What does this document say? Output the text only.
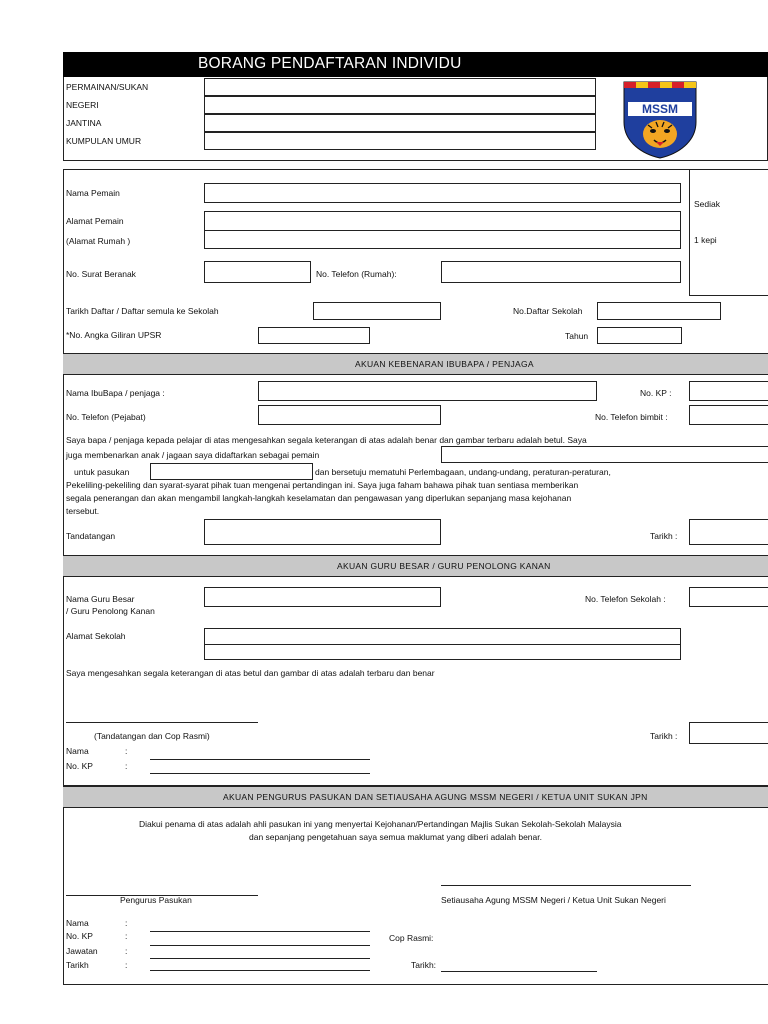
BORANG PENDAFTARAN INDIVIDU
PERMAINAN/SUKAN
NEGERI
JANTINA
KUMPULAN UMUR
MSSM
Nama Pemain
Alamat Pemain
(Alamat Rumah )
No. Surat Beranak	No. Telefon (Rumah):
Sediak
1 kepi
Tarikh Daftar / Daftar semula ke Sekolah	No.Daftar Sekolah
*No. Angka Giliran UPSR	Tahun
AKUAN KEBENARAN IBUBAPA / PENJAGA
Nama IbuBapa / penjaga :	No. KP :
No. Telefon (Pejabat)	No. Telefon bimbit :
Saya bapa / penjaga kepada pelajar di atas mengesahkan segala keterangan di atas adalah benar dan gambar terbaru adalah betul. Saya
juga membenarkan anak / jagaan saya didaftarkan sebagai pemain
untuk pasukan	dan bersetuju mematuhi Perlembagaan, undang-undang, peraturan-peraturan,
Pekeliling-pekeliling dan syarat-syarat pihak tuan mengenai pertandingan ini. Saya juga faham bahawa pihak tuan sentiasa memberikan
segala penerangan dan akan mengambil langkah-langkah keselamatan dan pengawasan yang diperlukan sepanjang masa kejohanan
tersebut.
Tandatangan	Tarikh :
AKUAN GURU BESAR / GURU PENOLONG KANAN
Nama Guru Besar
/ Guru Penolong Kanan
No. Telefon Sekolah :
Alamat Sekolah
Saya mengesahkan segala keterangan di atas betul dan gambar di atas adalah terbaru dan benar
(Tandatangan dan Cop Rasmi)	Tarikh :
Nama	:
No. KP	:
AKUAN PENGURUS PASUKAN DAN SETIAUSAHA AGUNG MSSM NEGERI / KETUA UNIT SUKAN JPN
Diakui penama di atas adalah ahli pasukan ini yang menyertai Kejohanan/Pertandingan Majlis Sukan Sekolah-Sekolah Malaysia
dan sepanjang pengetahuan saya semua maklumat yang diberi adalah benar.
Pengurus Pasukan	Setiausaha Agung MSSM Negeri / Ketua Unit Sukan Negeri
Nama	:
No. KP	:
Jawatan	:
Tarikh	:
Cop Rasmi:
Tarikh:
